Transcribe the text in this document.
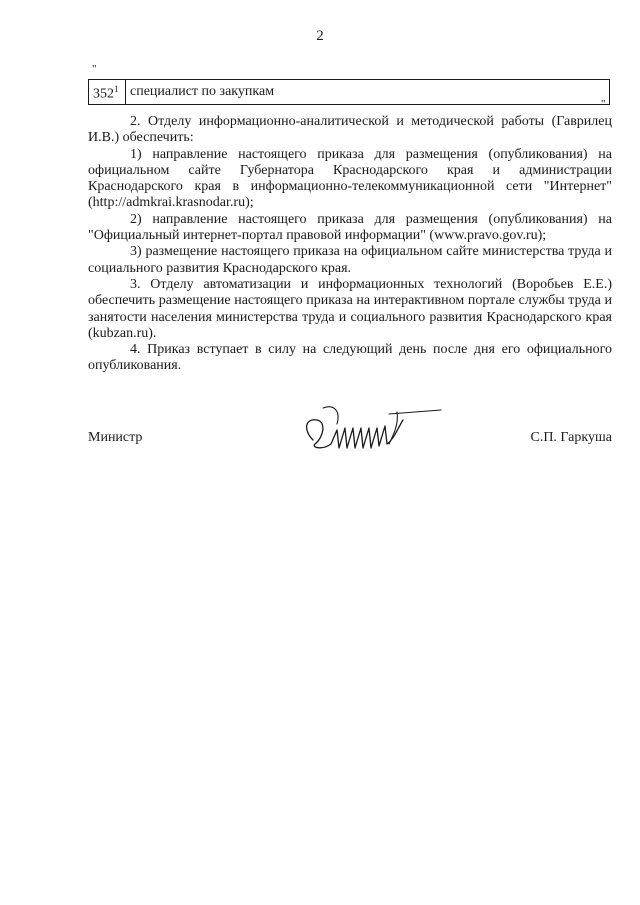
2
"
$352^1$	специалист по закупкам
"

2. Отделу информационно-аналитической и методической работы (Гаврилец И.В.) обеспечить:

1) направление настоящего приказа для размещения (опубликования) на официальном сайте Губернатора Краснодарского края и администрации Краснодарского края в информационно-телекоммуникационной сети "Интернет" (http://admkrai.krasnodar.ru);

2) направление настоящего приказа для размещения (опубликования) на "Официальный интернет-портал правовой информации" (www.pravo.gov.ru);

3) размещение настоящего приказа на официальном сайте министерства труда и социального развития Краснодарского края.

3. Отделу автоматизации и информационных технологий (Воробьев Е.Е.) обеспечить размещение настоящего приказа на интерактивном портале службы труда и занятости населения министерства труда и социального развития Краснодарского края (kubzan.ru).

4. Приказ вступает в силу на следующий день после дня его официального опубликования.

Министр	С.П. Гаркуша
